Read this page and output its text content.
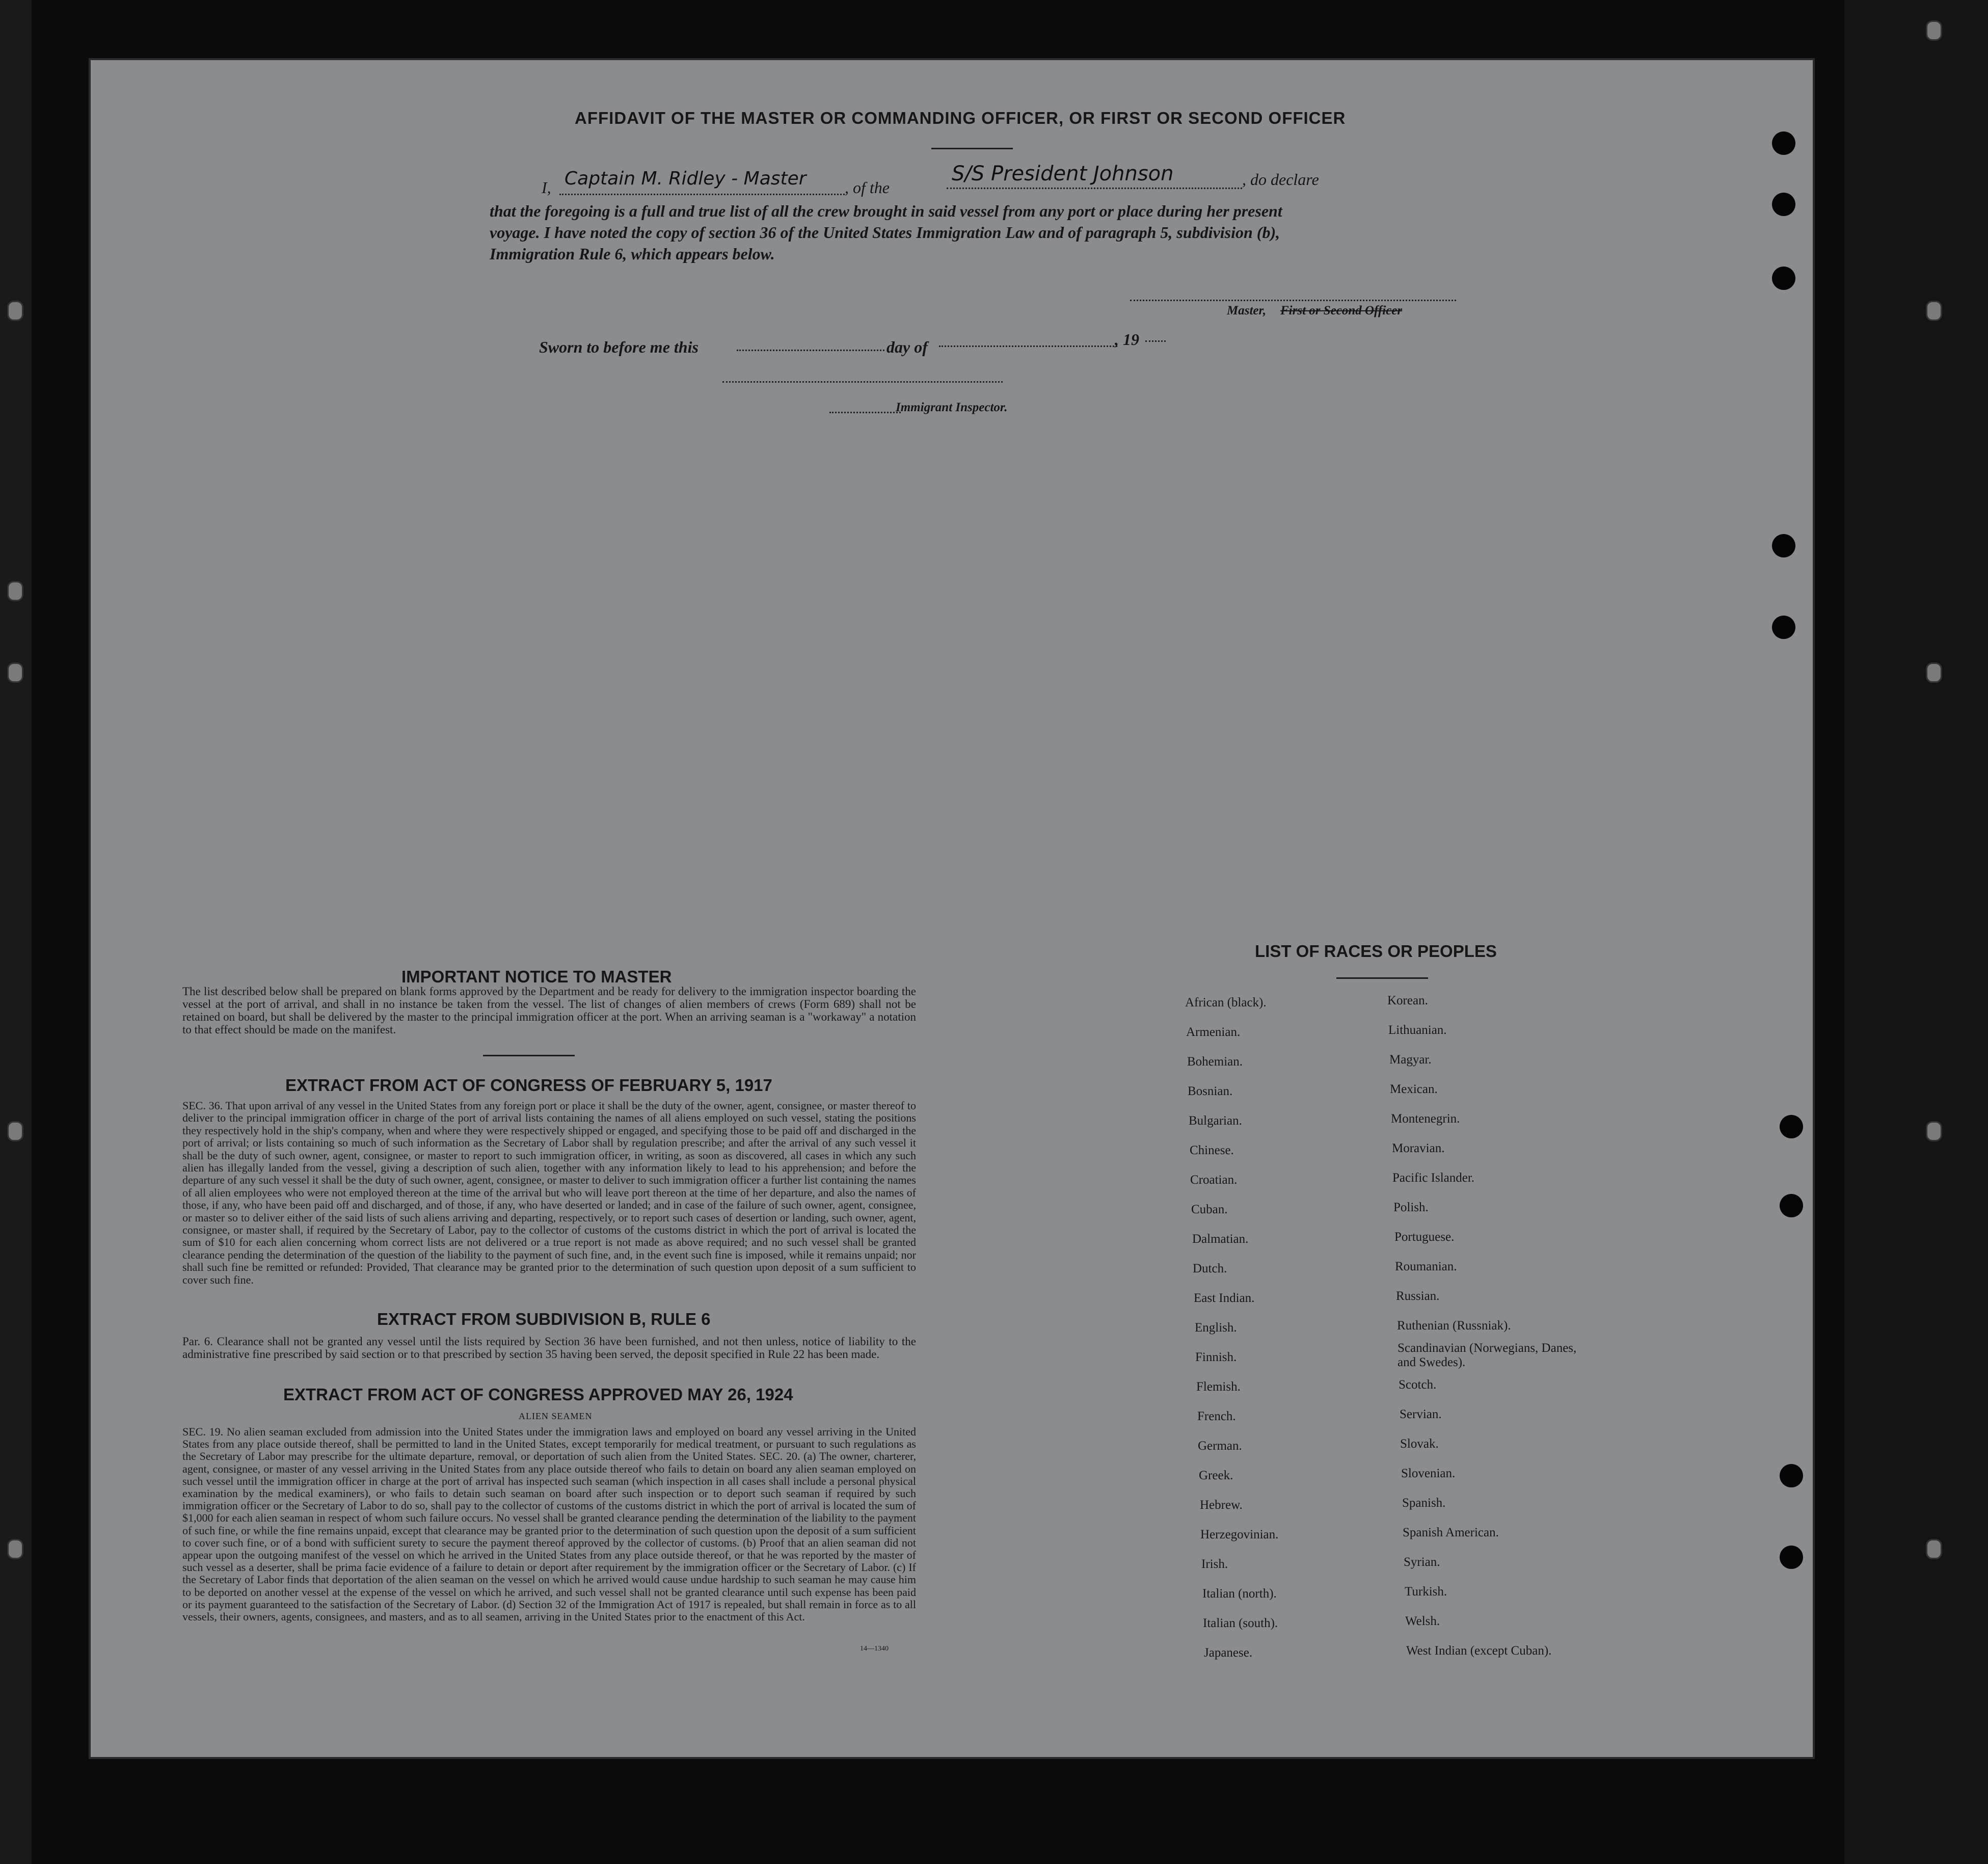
AFFIDAVIT OF THE MASTER OR COMMANDING OFFICER, OR FIRST OR SECOND OFFICER
I, Captain M. Ridley - Master , of the
S/S President Johnson	, do declare
that the foregoing is a full and true list of all the crew brought in said vessel from any port or place during her present
voyage. I have noted the copy of section 36 of the United States Immigration Law and of paragraph 5, subdivision (b),
Immigration Rule 6, which appears below.
Master, First or Second Officer
Sworn to before me this	day of	, 19
Immigrant Inspector.
IMPORTANT NOTICE TO MASTER
The list described below shall be prepared on blank forms approved by the Department and be ready for delivery to the immigration inspector boarding the vessel at the port of arrival, and shall in no instance be taken from the vessel. The list of changes of alien members of crews (Form 689) shall not be retained on board, but shall be delivered by the master to the principal immigration officer at the port. When an arriving seaman is a "workaway" a notation to that effect should be made on the manifest.
EXTRACT FROM ACT OF CONGRESS OF FEBRUARY 5, 1917
SEC. 36. That upon arrival of any vessel in the United States from any foreign port or place it shall be the duty of the owner, agent, consignee, or master thereof to deliver to the principal immigration officer in charge of the port of arrival lists containing the names of all aliens employed on such vessel, stating the positions they respectively hold in the ship's company, when and where they were respectively shipped or engaged, and specifying those to be paid off and discharged in the port of arrival; or lists containing so much of such information as the Secretary of Labor shall by regulation prescribe; and after the arrival of any such vessel it shall be the duty of such owner, agent, consignee, or master to report to such immigration officer, in writing, as soon as discovered, all cases in which any such alien has illegally landed from the vessel, giving a description of such alien, together with any information likely to lead to his apprehension; and before the departure of any such vessel it shall be the duty of such owner, agent, consignee, or master to deliver to such immigration officer a further list containing the names of all alien employees who were not employed thereon at the time of the arrival but who will leave port thereon at the time of her departure, and also the names of those, if any, who have been paid off and discharged, and of those, if any, who have deserted or landed; and in case of the failure of such owner, agent, consignee, or master so to deliver either of the said lists of such aliens arriving and departing, respectively, or to report such cases of desertion or landing, such owner, agent, consignee, or master shall, if required by the Secretary of Labor, pay to the collector of customs of the customs district in which the port of arrival is located the sum of $10 for each alien concerning whom correct lists are not delivered or a true report is not made as above required; and no such vessel shall be granted clearance pending the determination of the question of the liability to the payment of such fine, and, in the event such fine is imposed, while it remains unpaid; nor shall such fine be remitted or refunded: Provided, That clearance may be granted prior to the determination of such question upon deposit of a sum sufficient to cover such fine.
EXTRACT FROM SUBDIVISION B, RULE 6
Par. 6. Clearance shall not be granted any vessel until the lists required by Section 36 have been furnished, and not then unless, notice of liability to the administrative fine prescribed by said section or to that prescribed by section 35 having been served, the deposit specified in Rule 22 has been made.
EXTRACT FROM ACT OF CONGRESS APPROVED MAY 26, 1924
ALIEN SEAMEN
SEC. 19. No alien seaman excluded from admission into the United States under the immigration laws and employed on board any vessel arriving in the United States from any place outside thereof, shall be permitted to land in the United States, except temporarily for medical treatment, or pursuant to such regulations as the Secretary of Labor may prescribe for the ultimate departure, removal, or deportation of such alien from the United States. SEC. 20. (a) The owner, charterer, agent, consignee, or master of any vessel arriving in the United States from any place outside thereof who fails to detain on board any alien seaman employed on such vessel until the immigration officer in charge at the port of arrival has inspected such seaman (which inspection in all cases shall include a personal physical examination by the medical examiners), or who fails to detain such seaman on board after such inspection or to deport such seaman if required by such immigration officer or the Secretary of Labor to do so, shall pay to the collector of customs of the customs district in which the port of arrival is located the sum of $1,000 for each alien seaman in respect of whom such failure occurs. No vessel shall be granted clearance pending the determination of the liability to the payment of such fine, or while the fine remains unpaid, except that clearance may be granted prior to the determination of such question upon the deposit of a sum sufficient to cover such fine, or of a bond with sufficient surety to secure the payment thereof approved by the collector of customs. (b) Proof that an alien seaman did not appear upon the outgoing manifest of the vessel on which he arrived in the United States from any place outside thereof, or that he was reported by the master of such vessel as a deserter, shall be prima facie evidence of a failure to detain or deport after requirement by the immigration officer or the Secretary of Labor. (c) If the Secretary of Labor finds that deportation of the alien seaman on the vessel on which he arrived would cause undue hardship to such seaman he may cause him to be deported on another vessel at the expense of the vessel on which he arrived, and such vessel shall not be granted clearance until such expense has been paid or its payment guaranteed to the satisfaction of the Secretary of Labor. (d) Section 32 of the Immigration Act of 1917 is repealed, but shall remain in force as to all vessels, their owners, agents, consignees, and masters, and as to all seamen, arriving in the United States prior to the enactment of this Act.
14—1340
LIST OF RACES OR PEOPLES
African (black).
Armenian.
Bohemian.
Bosnian.
Bulgarian.
Chinese.
Croatian.
Cuban.
Dalmatian.
Dutch.
East Indian.
English.
Finnish.
Flemish.
French.
German.
Greek.
Hebrew.
Herzegovinian.
Irish.
Italian (north).
Italian (south).
Japanese.
Korean.
Lithuanian.
Magyar.
Mexican.
Montenegrin.
Moravian.
Pacific Islander.
Polish.
Portuguese.
Roumanian.
Russian.
Ruthenian (Russniak).
Scandinavian (Norwegians, Danes, and Swedes).
Scotch.
Servian.
Slovak.
Slovenian.
Spanish.
Spanish American.
Syrian.
Turkish.
Welsh.
West Indian (except Cuban).
